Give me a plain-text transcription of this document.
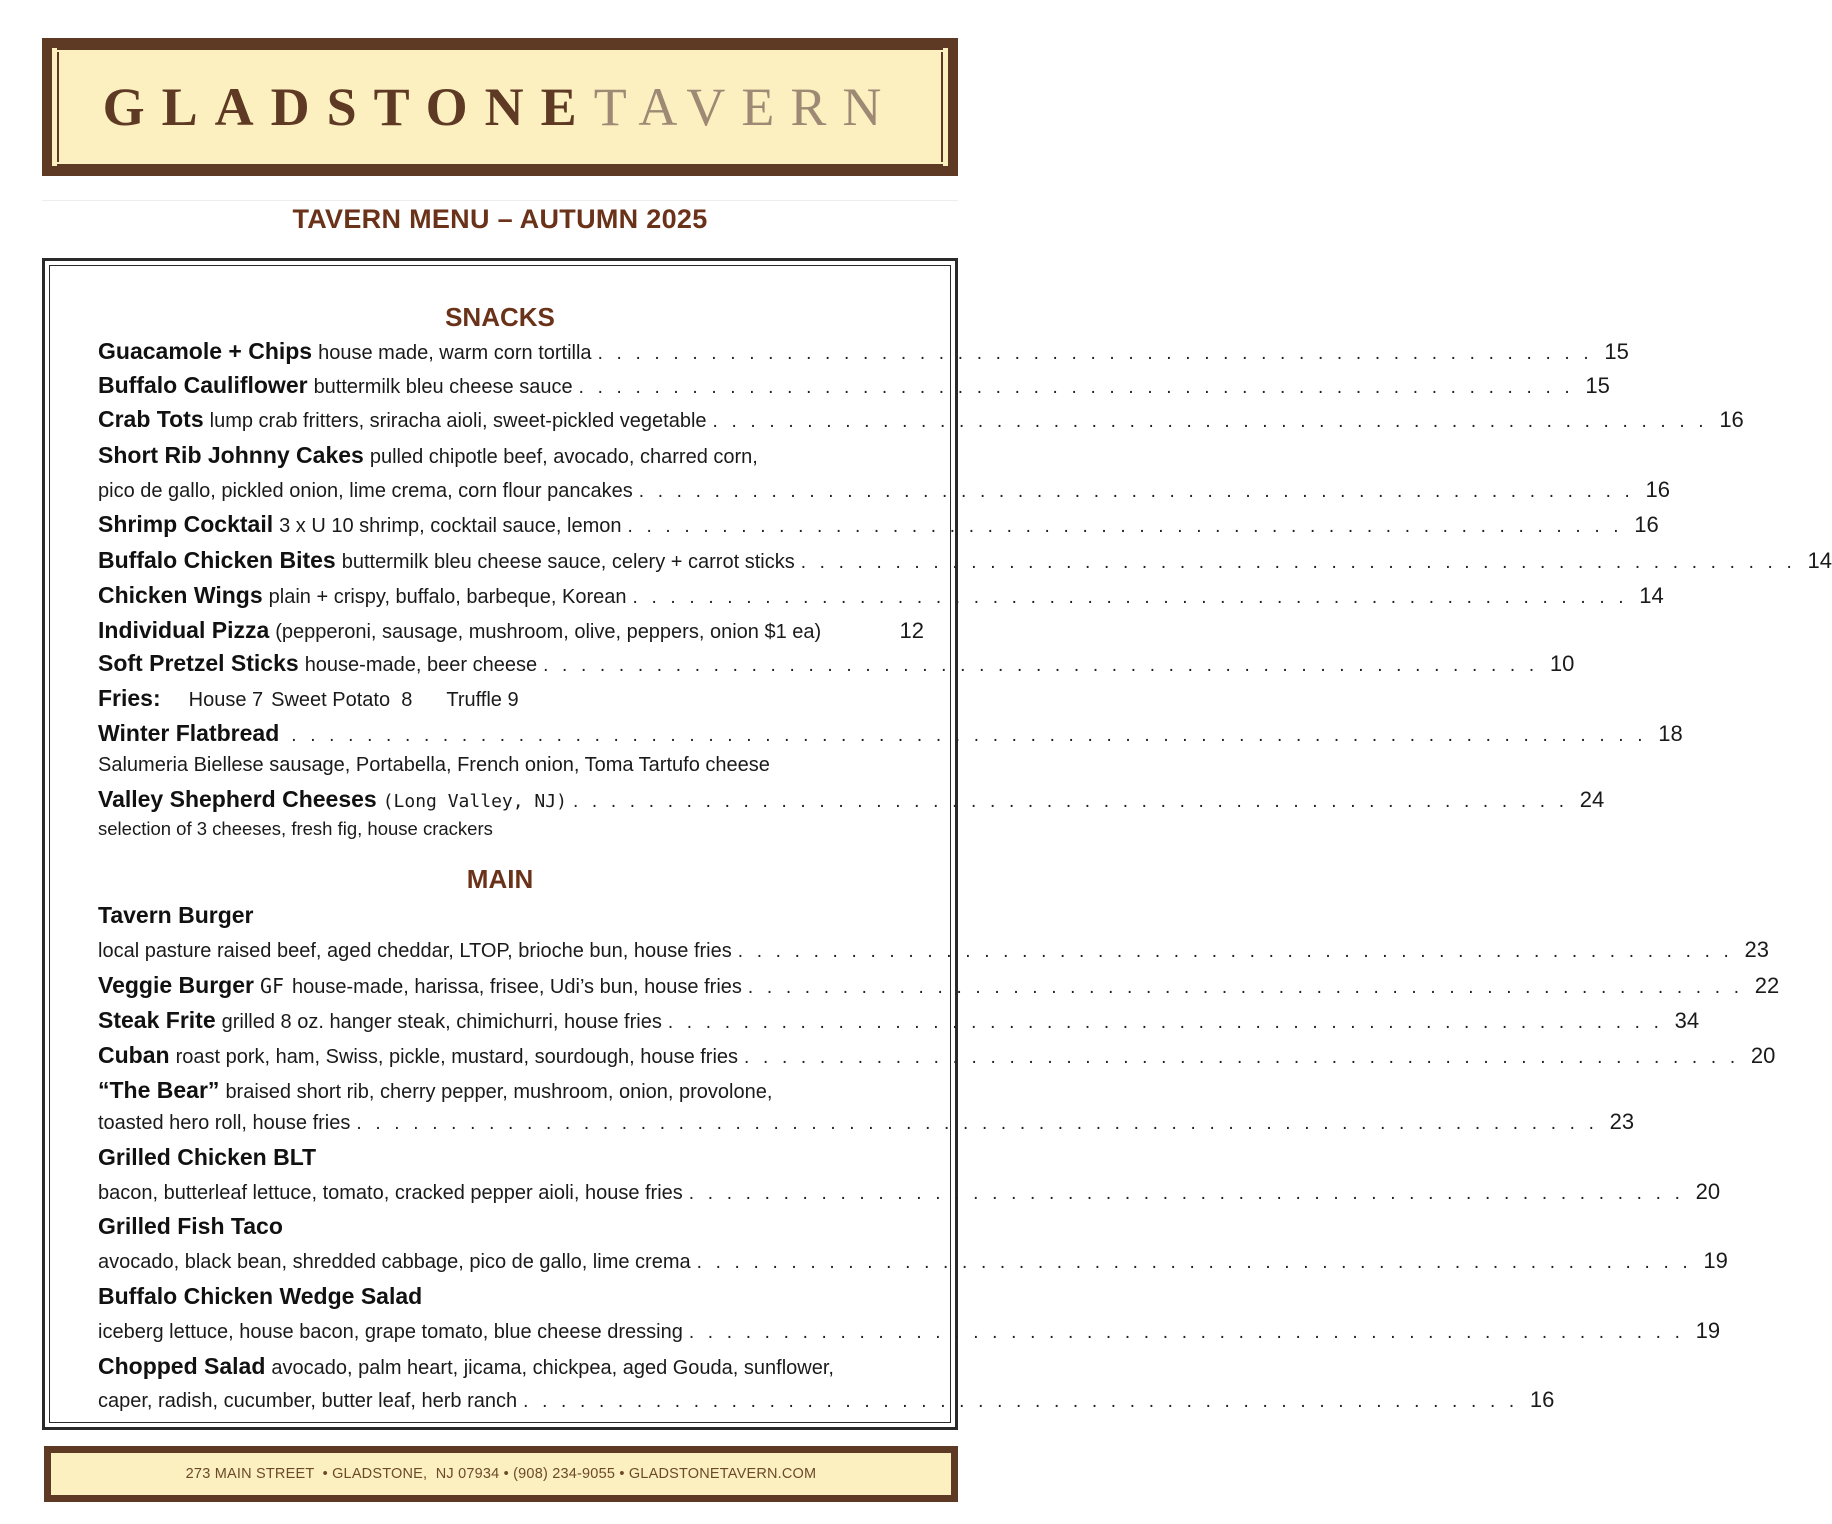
GLADSTONETAVERN
TAVERN MENU – AUTUMN 2025
SNACKS
Guacamole + Chips house made, warm corn tortilla . . . . . . . . . . . . . . . . . . . . . . . . . . . . . . . . . . . . . . . . . . . . . . . . . . . . . 15
Buffalo Cauliflower buttermilk bleu cheese sauce . . . . . . . . . . . . . . . . . . . . . . . . . . . . . . . . . . . . . . . . . . . . . . . . . . . . . 15
Crab Tots lump crab fritters, sriracha aioli, sweet-pickled vegetable . . . . . . . . . . . . . . . . . . . . . . . . . . . . . . . . . . . . . . . . . . . . . . . . . . . . . 16
Short Rib Johnny Cakes pulled chipotle beef, avocado, charred corn,
pico de gallo, pickled onion, lime crema, corn flour pancakes . . . . . . . . . . . . . . . . . . . . . . . . . . . . . . . . . . . . . . . . . . . . . . . . . . . . . 16
Shrimp Cocktail 3 x U 10 shrimp, cocktail sauce, lemon . . . . . . . . . . . . . . . . . . . . . . . . . . . . . . . . . . . . . . . . . . . . . . . . . . . . . 16
Buffalo Chicken Bites buttermilk bleu cheese sauce, celery + carrot sticks . . . . . . . . . . . . . . . . . . . . . . . . . . . . . . . . . . . . . . . . . . . . . . . . . . . . . 14
Chicken Wings plain + crispy, buffalo, barbeque, Korean . . . . . . . . . . . . . . . . . . . . . . . . . . . . . . . . . . . . . . . . . . . . . . . . . . . . . 14
Individual Pizza (pepperoni, sausage, mushroom, olive, peppers, onion $1 ea)	12
Soft Pretzel Sticks house-made, beer cheese . . . . . . . . . . . . . . . . . . . . . . . . . . . . . . . . . . . . . . . . . . . . . . . . . . . . . 10
Fries: House 7 Sweet Potato  8 Truffle 9
Winter Flatbread . . . . . . . . . . . . . . . . . . . . . . . . . . . . . . . . . . . . . . . . . . . . . . . . . . . . . . . . . . . . . . . . . . . . . . . . 18
Salumeria Biellese sausage, Portabella, French onion, Toma Tartufo cheese
Valley Shepherd Cheeses (Long Valley, NJ) . . . . . . . . . . . . . . . . . . . . . . . . . . . . . . . . . . . . . . . . . . . . . . . . . . . . . 24
selection of 3 cheeses, fresh fig, house crackers
MAIN
Tavern Burger
local pasture raised beef, aged cheddar, LTOP, brioche bun, house fries . . . . . . . . . . . . . . . . . . . . . . . . . . . . . . . . . . . . . . . . . . . . . . . . . . . . . 23
Veggie Burger GF house-made, harissa, frisee, Udi’s bun, house fries . . . . . . . . . . . . . . . . . . . . . . . . . . . . . . . . . . . . . . . . . . . . . . . . . . . . . 22
Steak Frite grilled 8 oz. hanger steak, chimichurri, house fries . . . . . . . . . . . . . . . . . . . . . . . . . . . . . . . . . . . . . . . . . . . . . . . . . . . . . 34
Cuban roast pork, ham, Swiss, pickle, mustard, sourdough, house fries . . . . . . . . . . . . . . . . . . . . . . . . . . . . . . . . . . . . . . . . . . . . . . . . . . . . . 20
“The Bear” braised short rib, cherry pepper, mushroom, onion, provolone,
toasted hero roll, house fries . . . . . . . . . . . . . . . . . . . . . . . . . . . . . . . . . . . . . . . . . . . . . . . . . . . . . . . . . . . . . . . . . . 23
Grilled Chicken BLT
bacon, butterleaf lettuce, tomato, cracked pepper aioli, house fries . . . . . . . . . . . . . . . . . . . . . . . . . . . . . . . . . . . . . . . . . . . . . . . . . . . . . 20
Grilled Fish Taco
avocado, black bean, shredded cabbage, pico de gallo, lime crema . . . . . . . . . . . . . . . . . . . . . . . . . . . . . . . . . . . . . . . . . . . . . . . . . . . . . 19
Buffalo Chicken Wedge Salad
iceberg lettuce, house bacon, grape tomato, blue cheese dressing . . . . . . . . . . . . . . . . . . . . . . . . . . . . . . . . . . . . . . . . . . . . . . . . . . . . . 19
Chopped Salad avocado, palm heart, jicama, chickpea, aged Gouda, sunflower,
caper, radish, cucumber, butter leaf, herb ranch . . . . . . . . . . . . . . . . . . . . . . . . . . . . . . . . . . . . . . . . . . . . . . . . . . . . . 16
273 MAIN STREET  • GLADSTONE,  NJ 07934 • (908) 234-9055 • GLADSTONETAVERN.COM
